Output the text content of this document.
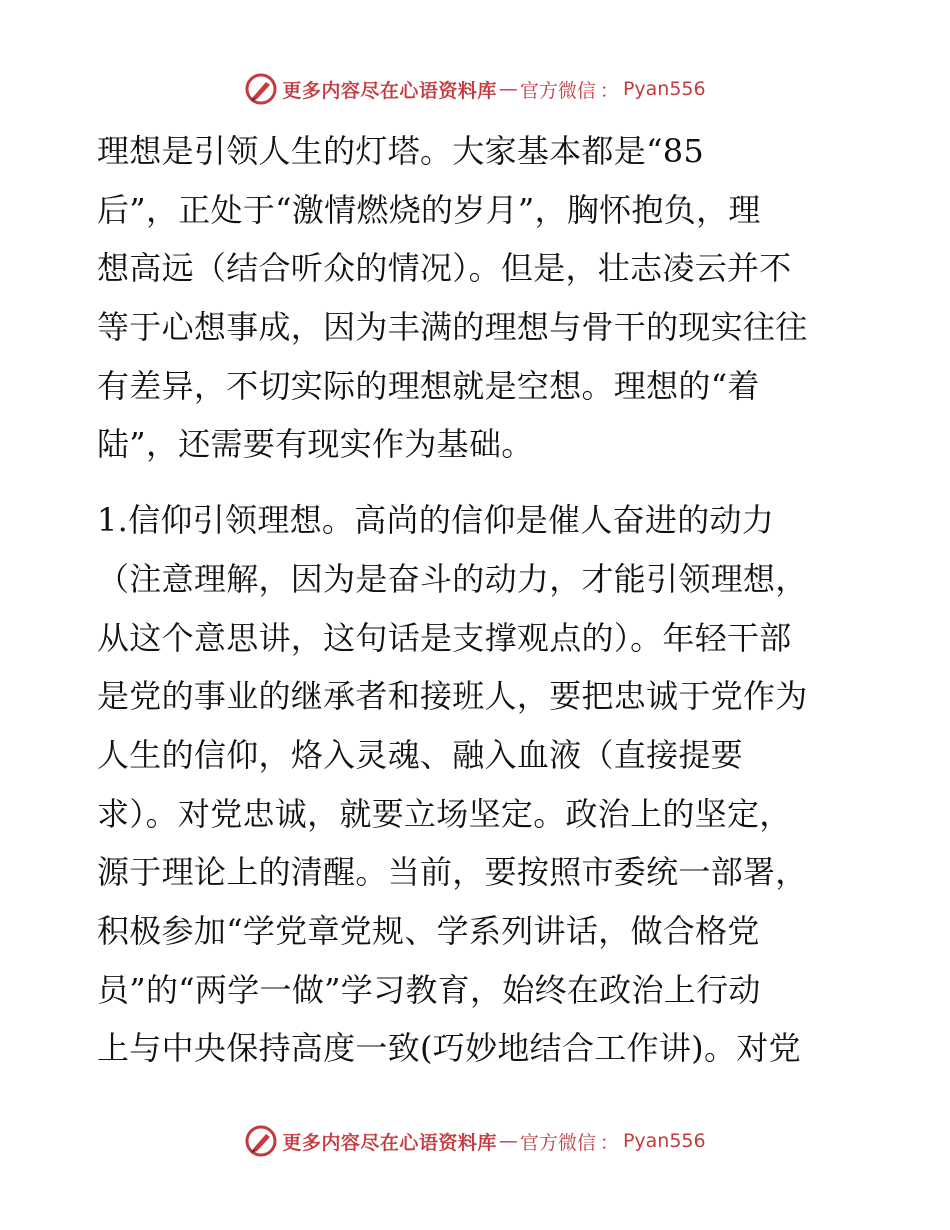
更多内容尽在心语资料库 — 官方微信 ： Pyan556
理想是引领人生的灯塔。大家基本都是“85
后”，正处于“激情燃烧的岁月”，胸怀抱负，理
想高远（结合听众的情况）。但是，壮志凌云并不
等于心想事成，因为丰满的理想与骨干的现实往往
有差异，不切实际的理想就是空想。理想的“着
陆”，还需要有现实作为基础。
1.信仰引领理想。高尚的信仰是催人奋进的动力
（注意理解，因为是奋斗的动力，才能引领理想，
从这个意思讲，这句话是支撑观点的）。年轻干部
是党的事业的继承者和接班人，要把忠诚于党作为
人生的信仰，烙入灵魂、融入血液（直接提要
求）。对党忠诚，就要立场坚定。政治上的坚定，
源于理论上的清醒。当前，要按照市委统一部署，
积极参加“学党章党规、学系列讲话，做合格党
员”的“两学一做”学习教育，始终在政治上行动
上与中央保持高度一致(巧妙地结合工作讲)。对党
更多内容尽在心语资料库 — 官方微信 ： Pyan556
